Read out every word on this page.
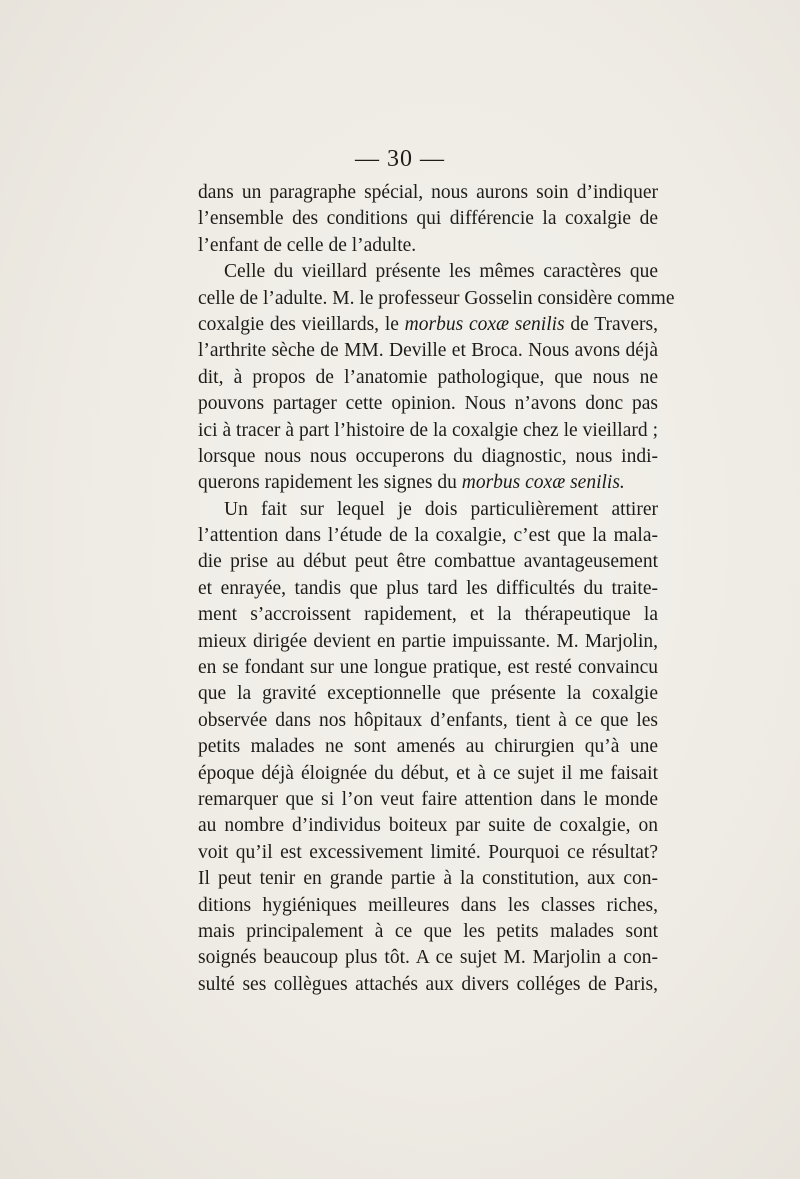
— 30 —
dans un paragraphe spécial, nous aurons soin d’indiquer
l’ensemble des conditions qui différencie la coxalgie de
l’enfant de celle de l’adulte.
Celle du vieillard présente les mêmes caractères que
celle de l’adulte. M. le professeur Gosselin considère comme
coxalgie des vieillards, le morbus coxæ senilis de Travers,
l’arthrite sèche de MM. Deville et Broca. Nous avons déjà
dit, à propos de l’anatomie pathologique, que nous ne
pouvons partager cette opinion. Nous n’avons donc pas
ici à tracer à part l’histoire de la coxalgie chez le vieillard ;
lorsque nous nous occuperons du diagnostic, nous indi-
querons rapidement les signes du morbus coxæ senilis.
Un fait sur lequel je dois particulièrement attirer
l’attention dans l’étude de la coxalgie, c’est que la mala-
die prise au début peut être combattue avantageusement
et enrayée, tandis que plus tard les difficultés du traite-
ment s’accroissent rapidement, et la thérapeutique la
mieux dirigée devient en partie impuissante. M. Marjolin,
en se fondant sur une longue pratique, est resté convaincu
que la gravité exceptionnelle que présente la coxalgie
observée dans nos hôpitaux d’enfants, tient à ce que les
petits malades ne sont amenés au chirurgien qu’à une
époque déjà éloignée du début, et à ce sujet il me faisait
remarquer que si l’on veut faire attention dans le monde
au nombre d’individus boiteux par suite de coxalgie, on
voit qu’il est excessivement limité. Pourquoi ce résultat?
Il peut tenir en grande partie à la constitution, aux con-
ditions hygiéniques meilleures dans les classes riches,
mais principalement à ce que les petits malades sont
soignés beaucoup plus tôt. A ce sujet M. Marjolin a con-
sulté ses collègues attachés aux divers colléges de Paris,
